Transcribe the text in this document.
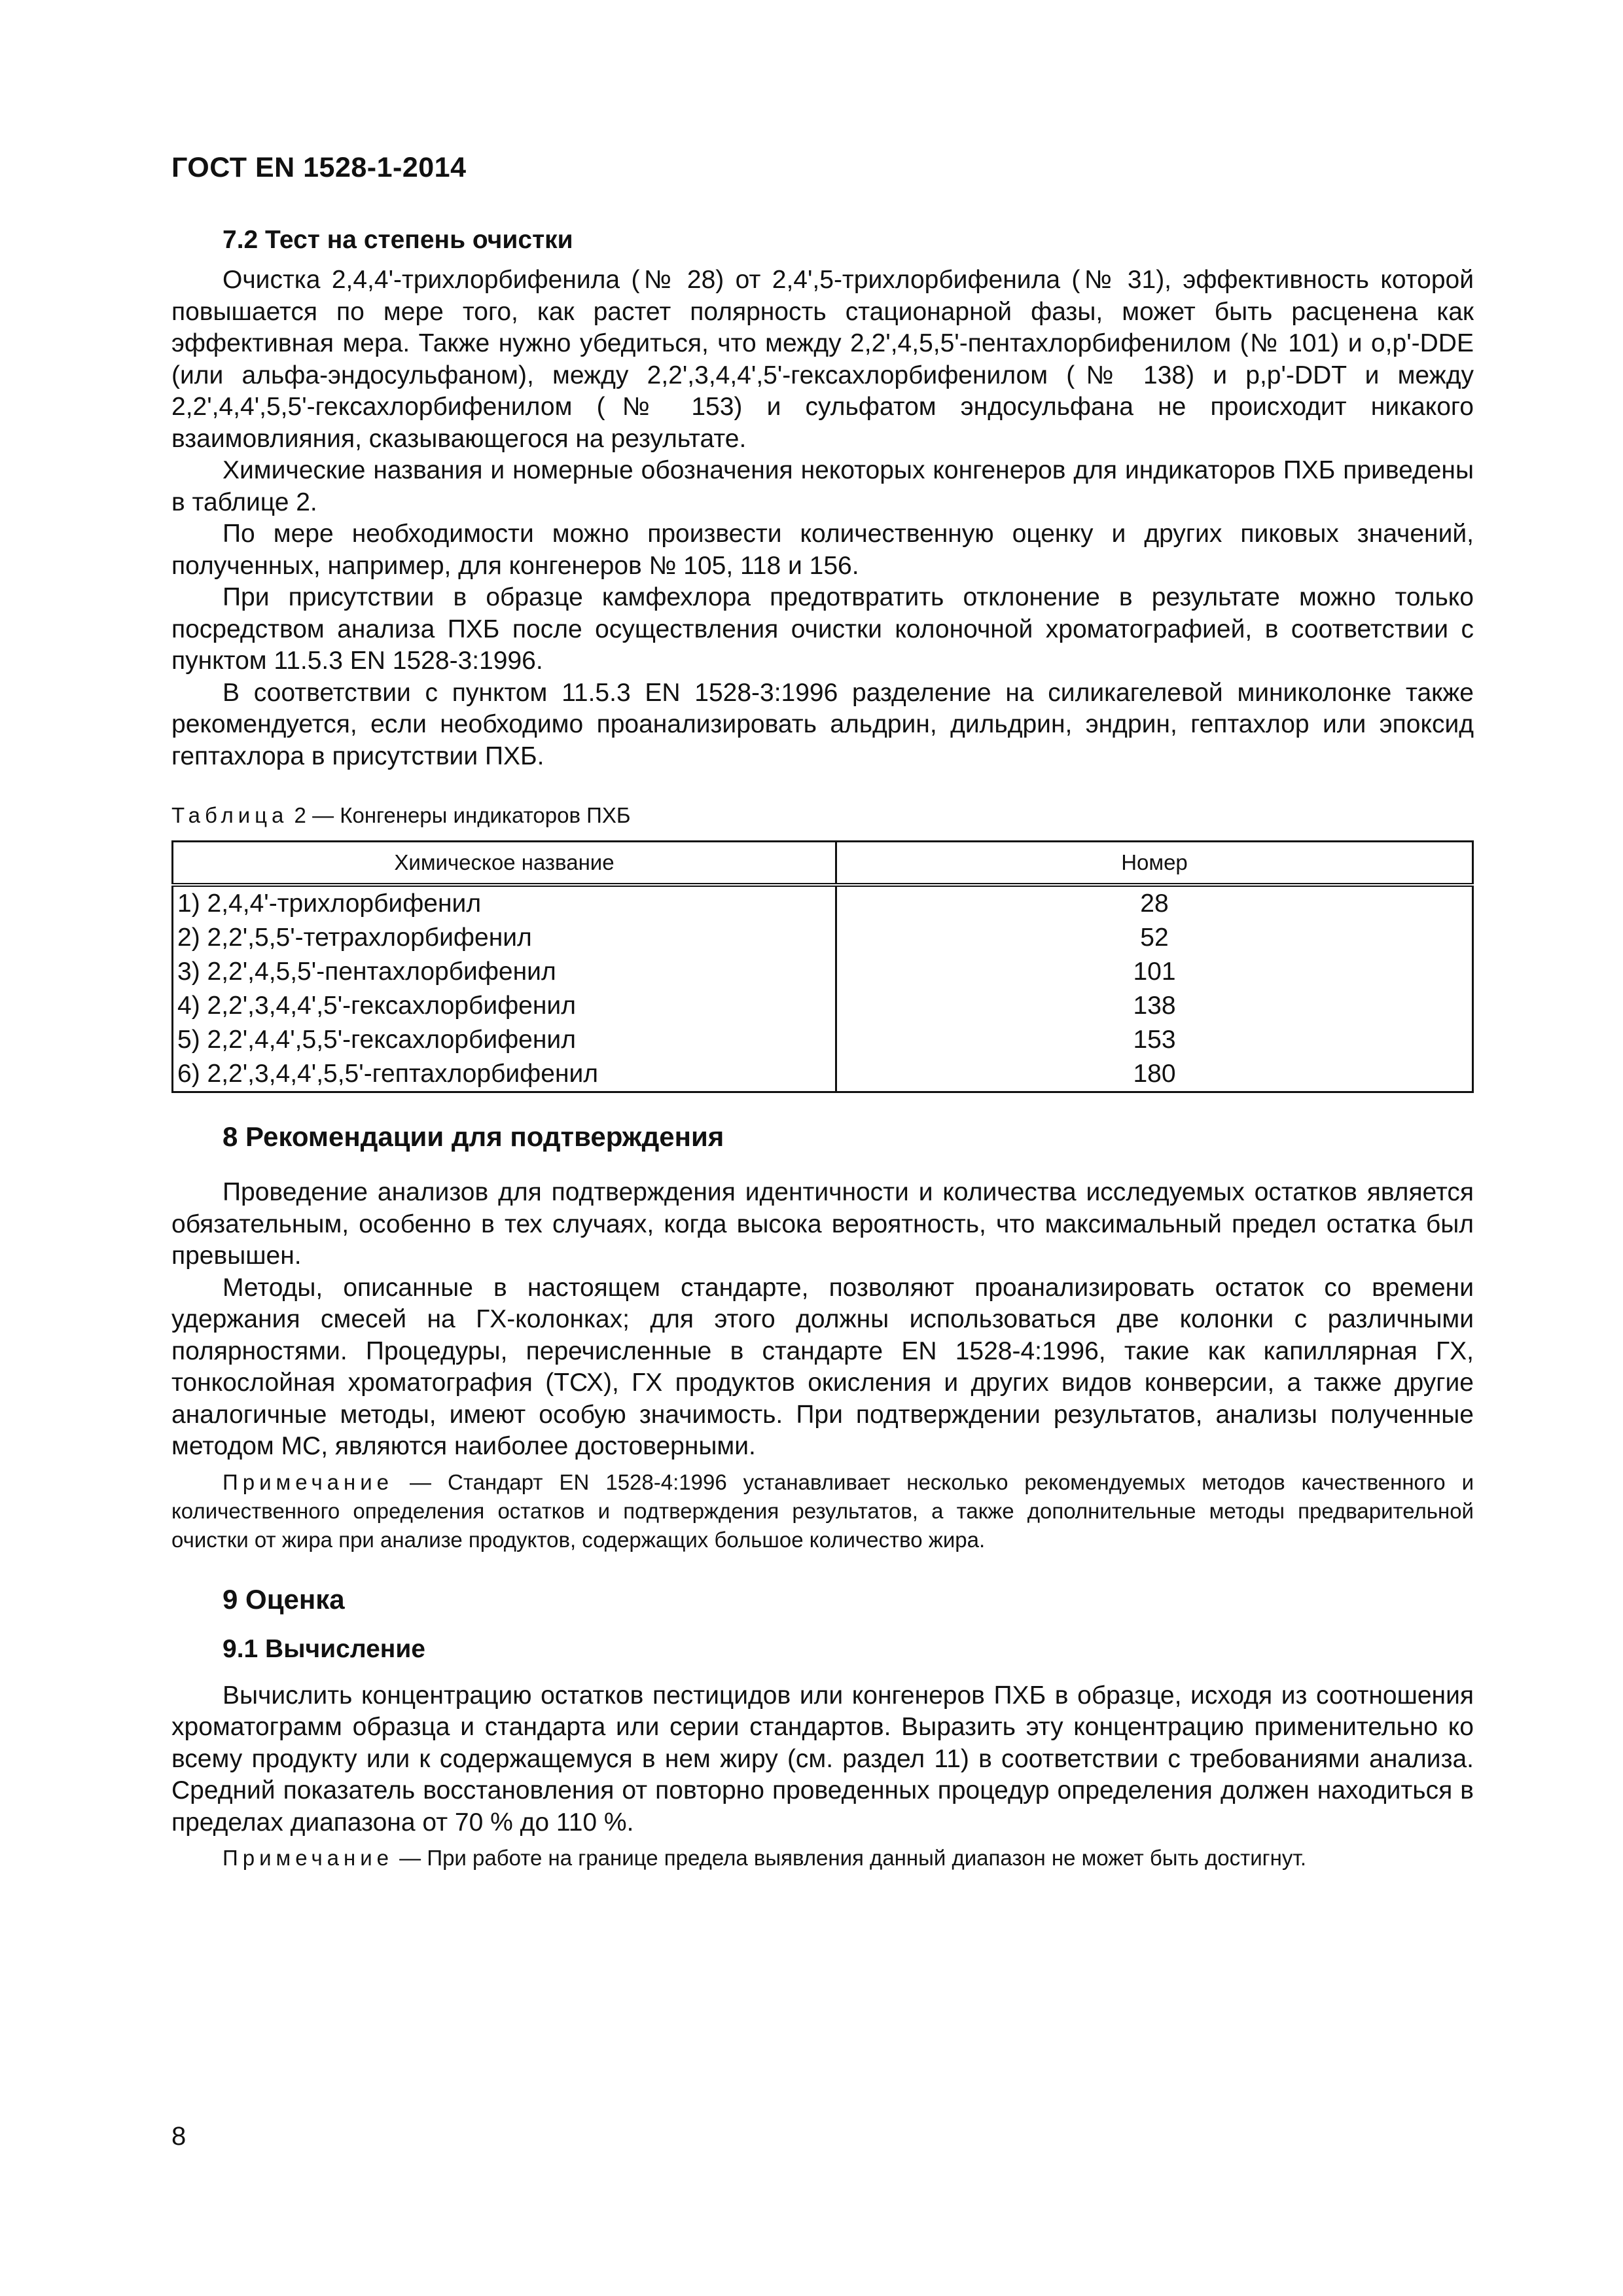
ГОСТ EN 1528-1-2014
7.2 Тест на степень очистки

Очистка 2,4,4'-трихлорбифенила (№ 28) от 2,4',5-трихлорбифенила (№ 31), эффективность которой повышается по мере того, как растет полярность стационарной фазы, может быть расценена как эффективная мера. Также нужно убедиться, что между 2,2',4,5,5'-пентахлорбифенилом (№ 101) и о,р'-DDE (или альфа-эндосульфаном), между 2,2',3,4,4',5'-гексахлорбифенилом (№ 138) и р,р'-DDT и между 2,2',4,4',5,5'-гексахлорбифенилом (№ 153) и сульфатом эндосульфана не происходит никакого взаимовлияния, сказывающегося на результате.

Химические названия и номерные обозначения некоторых конгенеров для индикаторов ПХБ приведены в таблице 2.

По мере необходимости можно произвести количественную оценку и других пиковых значений, полученных, например, для конгенеров № 105, 118 и 156.

При присутствии в образце камфехлора предотвратить отклонение в результате можно только посредством анализа ПХБ после осуществления очистки колоночной хроматографией, в соответствии с пунктом 11.5.3 EN 1528-3:1996.

В соответствии с пунктом 11.5.3 EN 1528-3:1996 разделение на силикагелевой миниколонке также рекомендуется, если необходимо проанализировать альдрин, дильдрин, эндрин, гептахлор или эпоксид гептахлора в присутствии ПХБ.

Таблица 2 — Конгенеры индикаторов ПХБ
Химическое название	Номер
1) 2,4,4'-трихлорбифенил	28
2) 2,2',5,5'-тетрахлорбифенил	52
3) 2,2',4,5,5'-пентахлорбифенил	101
4) 2,2',3,4,4',5'-гексахлорбифенил	138
5) 2,2',4,4',5,5'-гексахлорбифенил	153
6) 2,2',3,4,4',5,5'-гептахлорбифенил	180
8 Рекомендации для подтверждения

Проведение анализов для подтверждения идентичности и количества исследуемых остатков является обязательным, особенно в тех случаях, когда высока вероятность, что максимальный предел остатка был превышен.

Методы, описанные в настоящем стандарте, позволяют проанализировать остаток со времени удержания смесей на ГХ-колонках; для этого должны использоваться две колонки с различными полярностями. Процедуры, перечисленные в стандарте EN 1528-4:1996, такие как капиллярная ГХ, тонкослойная хроматография (ТСХ), ГХ продуктов окисления и других видов конверсии, а также другие аналогичные методы, имеют особую значимость. При подтверждении результатов, анализы полученные методом МС, являются наиболее достоверными.

Примечание — Стандарт EN 1528-4:1996 устанавливает несколько рекомендуемых методов качественного и количественного определения остатков и подтверждения результатов, а также дополнительные методы предварительной очистки от жира при анализе продуктов, содержащих большое количество жира.

9 Оценка
9.1 Вычисление

Вычислить концентрацию остатков пестицидов или конгенеров ПХБ в образце, исходя из соотношения хроматограмм образца и стандарта или серии стандартов. Выразить эту концентрацию применительно ко всему продукту или к содержащемуся в нем жиру (см. раздел 11) в соответствии с требованиями анализа. Средний показатель восстановления от повторно проведенных процедур определения должен находиться в пределах диапазона от 70 % до 110 %.

Примечание — При работе на границе предела выявления данный диапазон не может быть достигнут.

8
